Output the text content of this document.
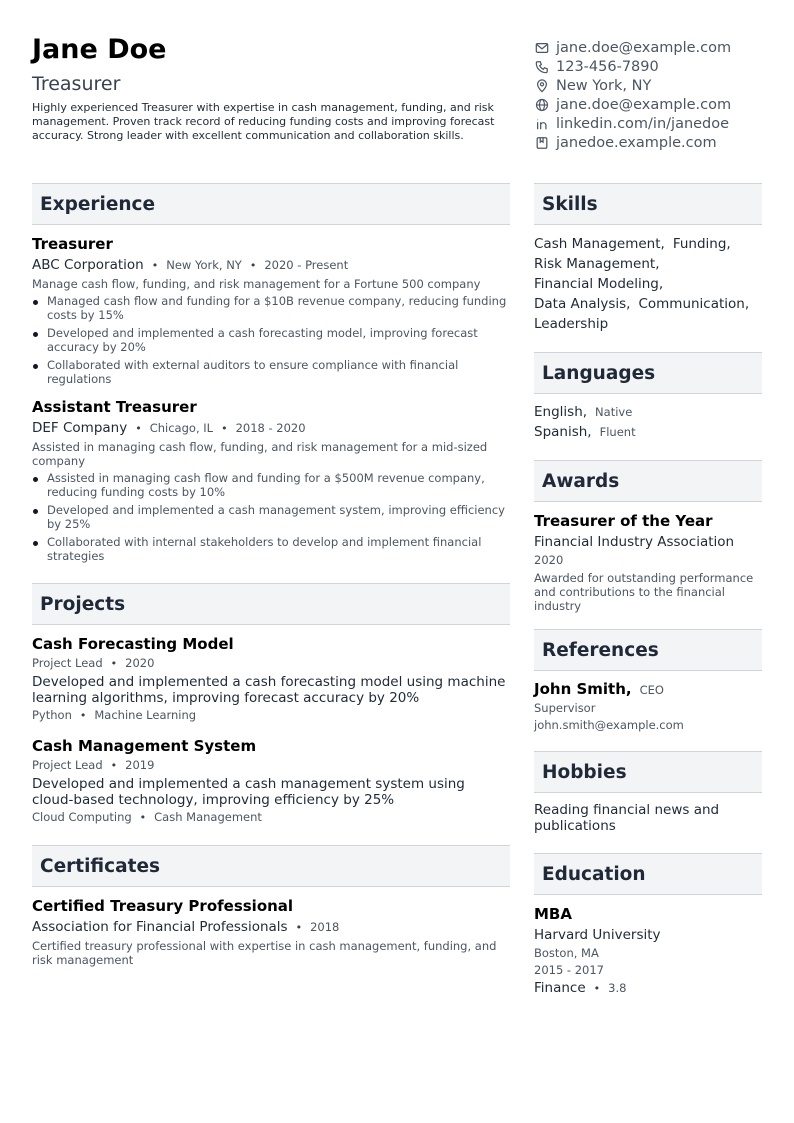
Jane Doe
Treasurer
Highly experienced Treasurer with expertise in cash management, funding, and risk management. Proven track record of reducing funding costs and improving forecast accuracy. Strong leader with excellent communication and collaboration skills.
jane.doe@example.com
123-456-7890
New York, NY
jane.doe@example.com
linkedin.com/in/janedoe
janedoe.example.com
Experience
Treasurer
ABC Corporation • New York, NY • 2020 - Present
Manage cash flow, funding, and risk management for a Fortune 500 company
Managed cash flow and funding for a $10B revenue company, reducing funding costs by 15%
Developed and implemented a cash forecasting model, improving forecast accuracy by 20%
Collaborated with external auditors to ensure compliance with financial regulations
Assistant Treasurer
DEF Company • Chicago, IL • 2018 - 2020
Assisted in managing cash flow, funding, and risk management for a mid-sized company
Assisted in managing cash flow and funding for a $500M revenue company, reducing funding costs by 10%
Developed and implemented a cash management system, improving efficiency by 25%
Collaborated with internal stakeholders to develop and implement financial strategies
Projects
Cash Forecasting Model
Project Lead • 2020
Developed and implemented a cash forecasting model using machine learning algorithms, improving forecast accuracy by 20%
Python • Machine Learning
Cash Management System
Project Lead • 2019
Developed and implemented a cash management system using cloud-based technology, improving efficiency by 25%
Cloud Computing • Cash Management
Certificates
Certified Treasury Professional
Association for Financial Professionals • 2018
Certified treasury professional with expertise in cash management, funding, and risk management
Skills
Cash Management, Funding,
Risk Management,
Financial Modeling,
Data Analysis, Communication,
Leadership
Languages
English, Native
Spanish, Fluent
Awards
Treasurer of the Year
Financial Industry Association
2020
Awarded for outstanding performance and contributions to the financial industry
References
John Smith, CEO
Supervisor
john.smith@example.com
Hobbies
Reading financial news and publications
Education
MBA
Harvard University
Boston, MA
2015 - 2017
Finance • 3.8
